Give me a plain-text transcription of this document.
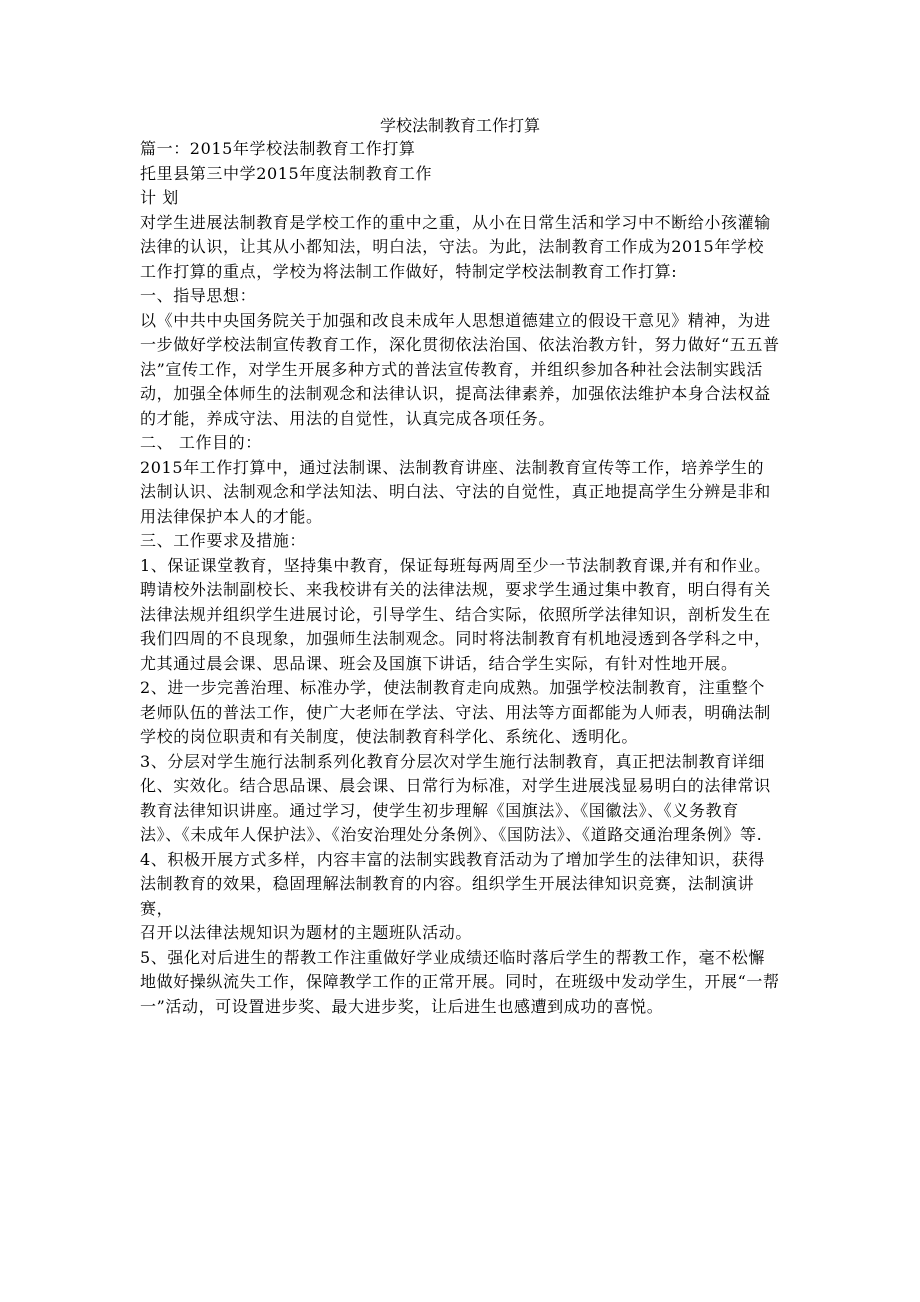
学校法制教育工作打算

篇一：2015年学校法制教育工作打算

托里县第三中学2015年度法制教育工作

计 划

对学生进展法制教育是学校工作的重中之重，从小在日常生活和学习中不断给小孩灌输法律的认识，让其从小都知法，明白法，守法。为此，法制教育工作成为2015年学校工作打算的重点，学校为将法制工作做好，特制定学校法制教育工作打算:

一、指导思想：

以《中共中央国务院关于加强和改良未成年人思想道德建立的假设干意见》精神，为进一步做好学校法制宣传教育工作，深化贯彻依法治国、依法治教方针，努力做好“五五普法”宣传工作，对学生开展多种方式的普法宣传教育，并组织参加各种社会法制实践活动，加强全体师生的法制观念和法律认识，提高法律素养，加强依法维护本身合法权益的才能，养成守法、用法的自觉性，认真完成各项任务。

二、 工作目的：

2015年工作打算中，通过法制课、法制教育讲座、法制教育宣传等工作，培养学生的法制认识、法制观念和学法知法、明白法、守法的自觉性，真正地提高学生分辨是非和用法律保护本人的才能。

三、工作要求及措施：

1、保证课堂教育，坚持集中教育，保证每班每两周至少一节法制教育课,并有和作业。聘请校外法制副校长、来我校讲有关的法律法规，要求学生通过集中教育，明白得有关法律法规并组织学生进展讨论，引导学生、结合实际，依照所学法律知识，剖析发生在我们四周的不良现象，加强师生法制观念。同时将法制教育有机地浸透到各学科之中，尤其通过晨会课、思品课、班会及国旗下讲话，结合学生实际，有针对性地开展。

2、进一步完善治理、标准办学，使法制教育走向成熟。加强学校法制教育，注重整个老师队伍的普法工作，使广大老师在学法、守法、用法等方面都能为人师表，明确法制学校的岗位职责和有关制度，使法制教育科学化、系统化、透明化。

3、分层对学生施行法制系列化教育分层次对学生施行法制教育，真正把法制教育详细化、实效化。结合思品课、晨会课、日常行为标准，对学生进展浅显易明白的法律常识教育法律知识讲座。通过学习，使学生初步理解《国旗法》、《国徽法》、《义务教育法》、《未成年人保护法》、《治安治理处分条例》、《国防法》、《道路交通治理条例》等.

4、积极开展方式多样，内容丰富的法制实践教育活动为了增加学生的法律知识，获得法制教育的效果，稳固理解法制教育的内容。组织学生开展法律知识竞赛，法制演讲赛，

召开以法律法规知识为题材的主题班队活动。

5、强化对后进生的帮教工作注重做好学业成绩还临时落后学生的帮教工作，毫不松懈地做好操纵流失工作，保障教学工作的正常开展。同时，在班级中发动学生，开展“一帮一”活动，可设置进步奖、最大进步奖，让后进生也感遭到成功的喜悦。
